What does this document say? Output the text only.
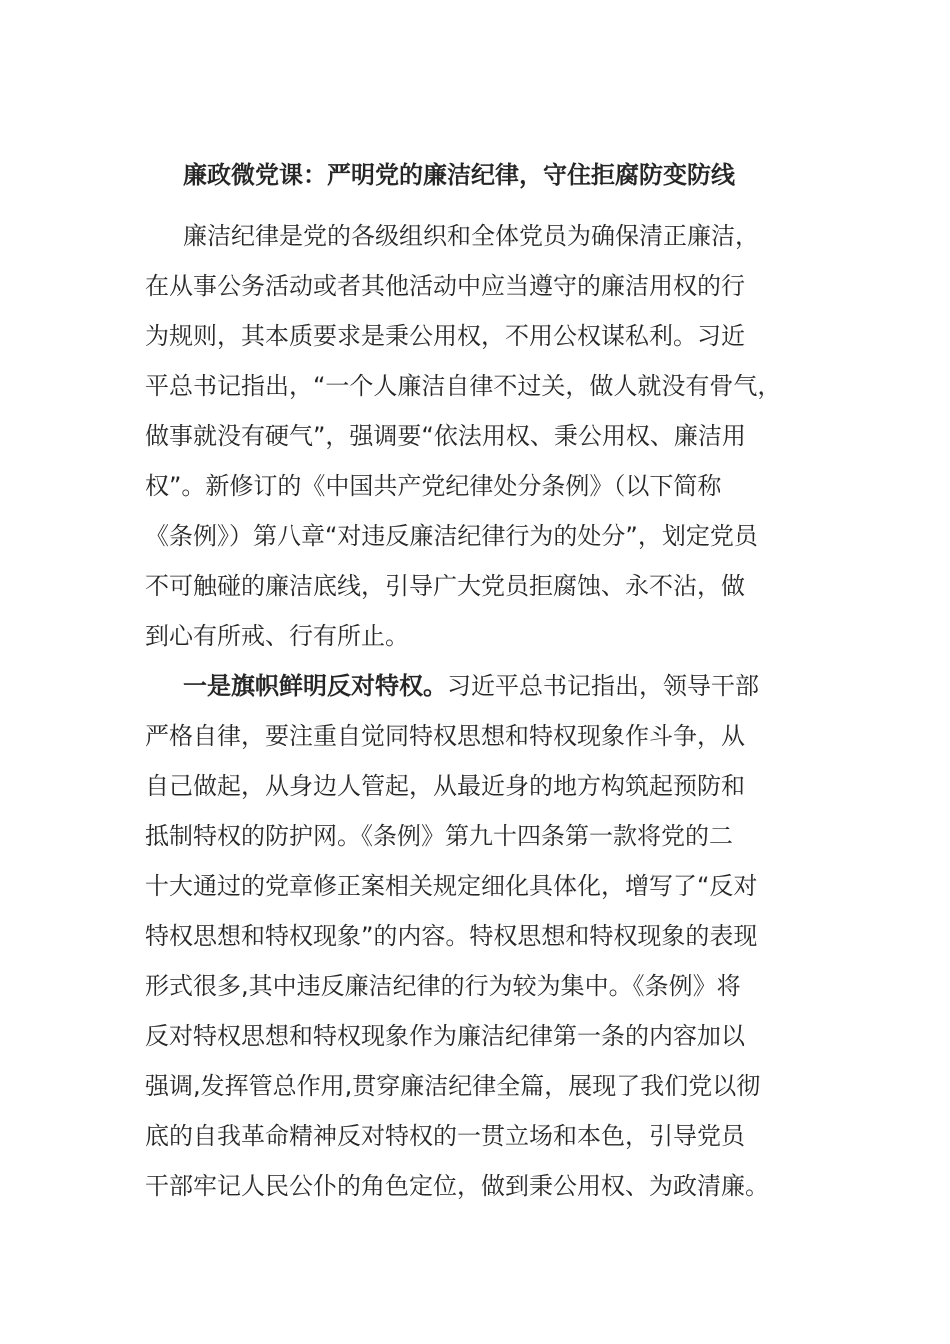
廉政微党课：严明党的廉洁纪律，守住拒腐防变防线
廉洁纪律是党的各级组织和全体党员为确保清正廉洁，
在从事公务活动或者其他活动中应当遵守的廉洁用权的行
为规则，其本质要求是秉公用权，不用公权谋私利。习近
平总书记指出，“一个人廉洁自律不过关，做人就没有骨气，
做事就没有硬气”，强调要“依法用权、秉公用权、廉洁用
权”。新修订的《中国共产党纪律处分条例》（以下简称
《条例》）第八章“对违反廉洁纪律行为的处分”，划定党员
不可触碰的廉洁底线，引导广大党员拒腐蚀、永不沾，做
到心有所戒、行有所止。
一是旗帜鲜明反对特权。习近平总书记指出，领导干部
严格自律，要注重自觉同特权思想和特权现象作斗争，从
自己做起，从身边人管起，从最近身的地方构筑起预防和
抵制特权的防护网。《条例》第九十四条第一款将党的二
十大通过的党章修正案相关规定细化具体化，增写了“反对
特权思想和特权现象”的内容。特权思想和特权现象的表现
形式很多,其中违反廉洁纪律的行为较为集中。《条例》将
反对特权思想和特权现象作为廉洁纪律第一条的内容加以
强调,发挥管总作用,贯穿廉洁纪律全篇，展现了我们党以彻
底的自我革命精神反对特权的一贯立场和本色，引导党员
干部牢记人民公仆的角色定位，做到秉公用权、为政清廉。
